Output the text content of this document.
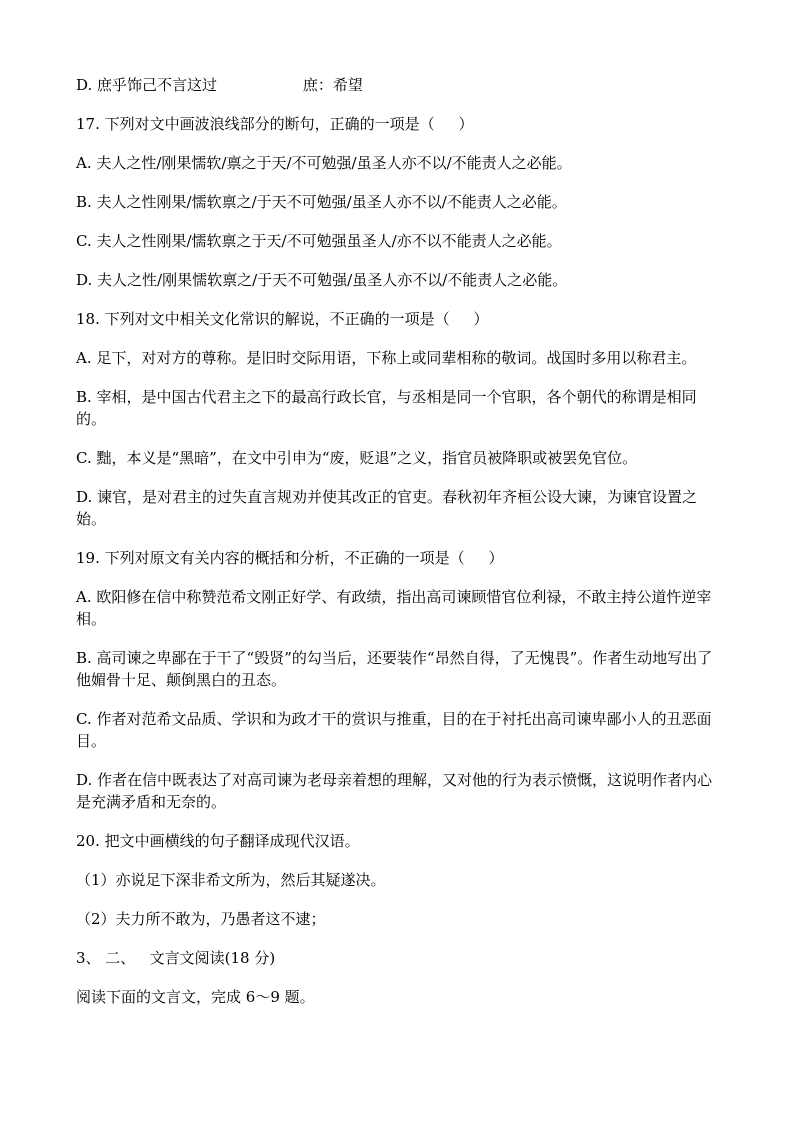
D. 庶乎饰己不言这过                  庶：希望

17. 下列对文中画波浪线部分的断句，正确的一项是（     ）

A. 夫人之性/刚果懦软/禀之于天/不可勉强/虽圣人亦不以/不能责人之必能。

B. 夫人之性刚果/懦软禀之/于天不可勉强/虽圣人亦不以/不能责人之必能。

C. 夫人之性刚果/懦软禀之于天/不可勉强虽圣人/亦不以不能责人之必能。

D. 夫人之性/刚果懦软禀之/于天不可勉强/虽圣人亦不以/不能责人之必能。

18. 下列对文中相关文化常识的解说，不正确的一项是（     ）

A. 足下，对对方的尊称。是旧时交际用语，下称上或同辈相称的敬词。战国时多用以称君主。

B. 宰相，是中国古代君主之下的最高行政长官，与丞相是同一个官职，各个朝代的称谓是相同的。

C. 黜，本义是“黑暗”，在文中引申为“废，贬退”之义，指官员被降职或被罢免官位。

D. 谏官，是对君主的过失直言规劝并使其改正的官吏。春秋初年齐桓公设大谏，为谏官设置之始。

19. 下列对原文有关内容的概括和分析，不正确的一项是（     ）

A. 欧阳修在信中称赞范希文刚正好学、有政绩，指出高司谏顾惜官位利禄，不敢主持公道忤逆宰相。

B. 高司谏之卑鄙在于干了“毁贤”的勾当后，还要装作“昂然自得，了无愧畏”。作者生动地写出了他媚骨十足、颠倒黑白的丑态。

C. 作者对范希文品质、学识和为政才干的赏识与推重，目的在于衬托出高司谏卑鄙小人的丑恶面目。

D. 作者在信中既表达了对高司谏为老母亲着想的理解，又对他的行为表示愤慨，这说明作者内心是充满矛盾和无奈的。

20. 把文中画横线的句子翻译成现代汉语。

（1）亦说足下深非希文所为，然后其疑遂决。

（2）夫力所不敢为，乃愚者这不逮；

3、 二、   文言文阅读(18 分)

阅读下面的文言文，完成 6～9 题。
